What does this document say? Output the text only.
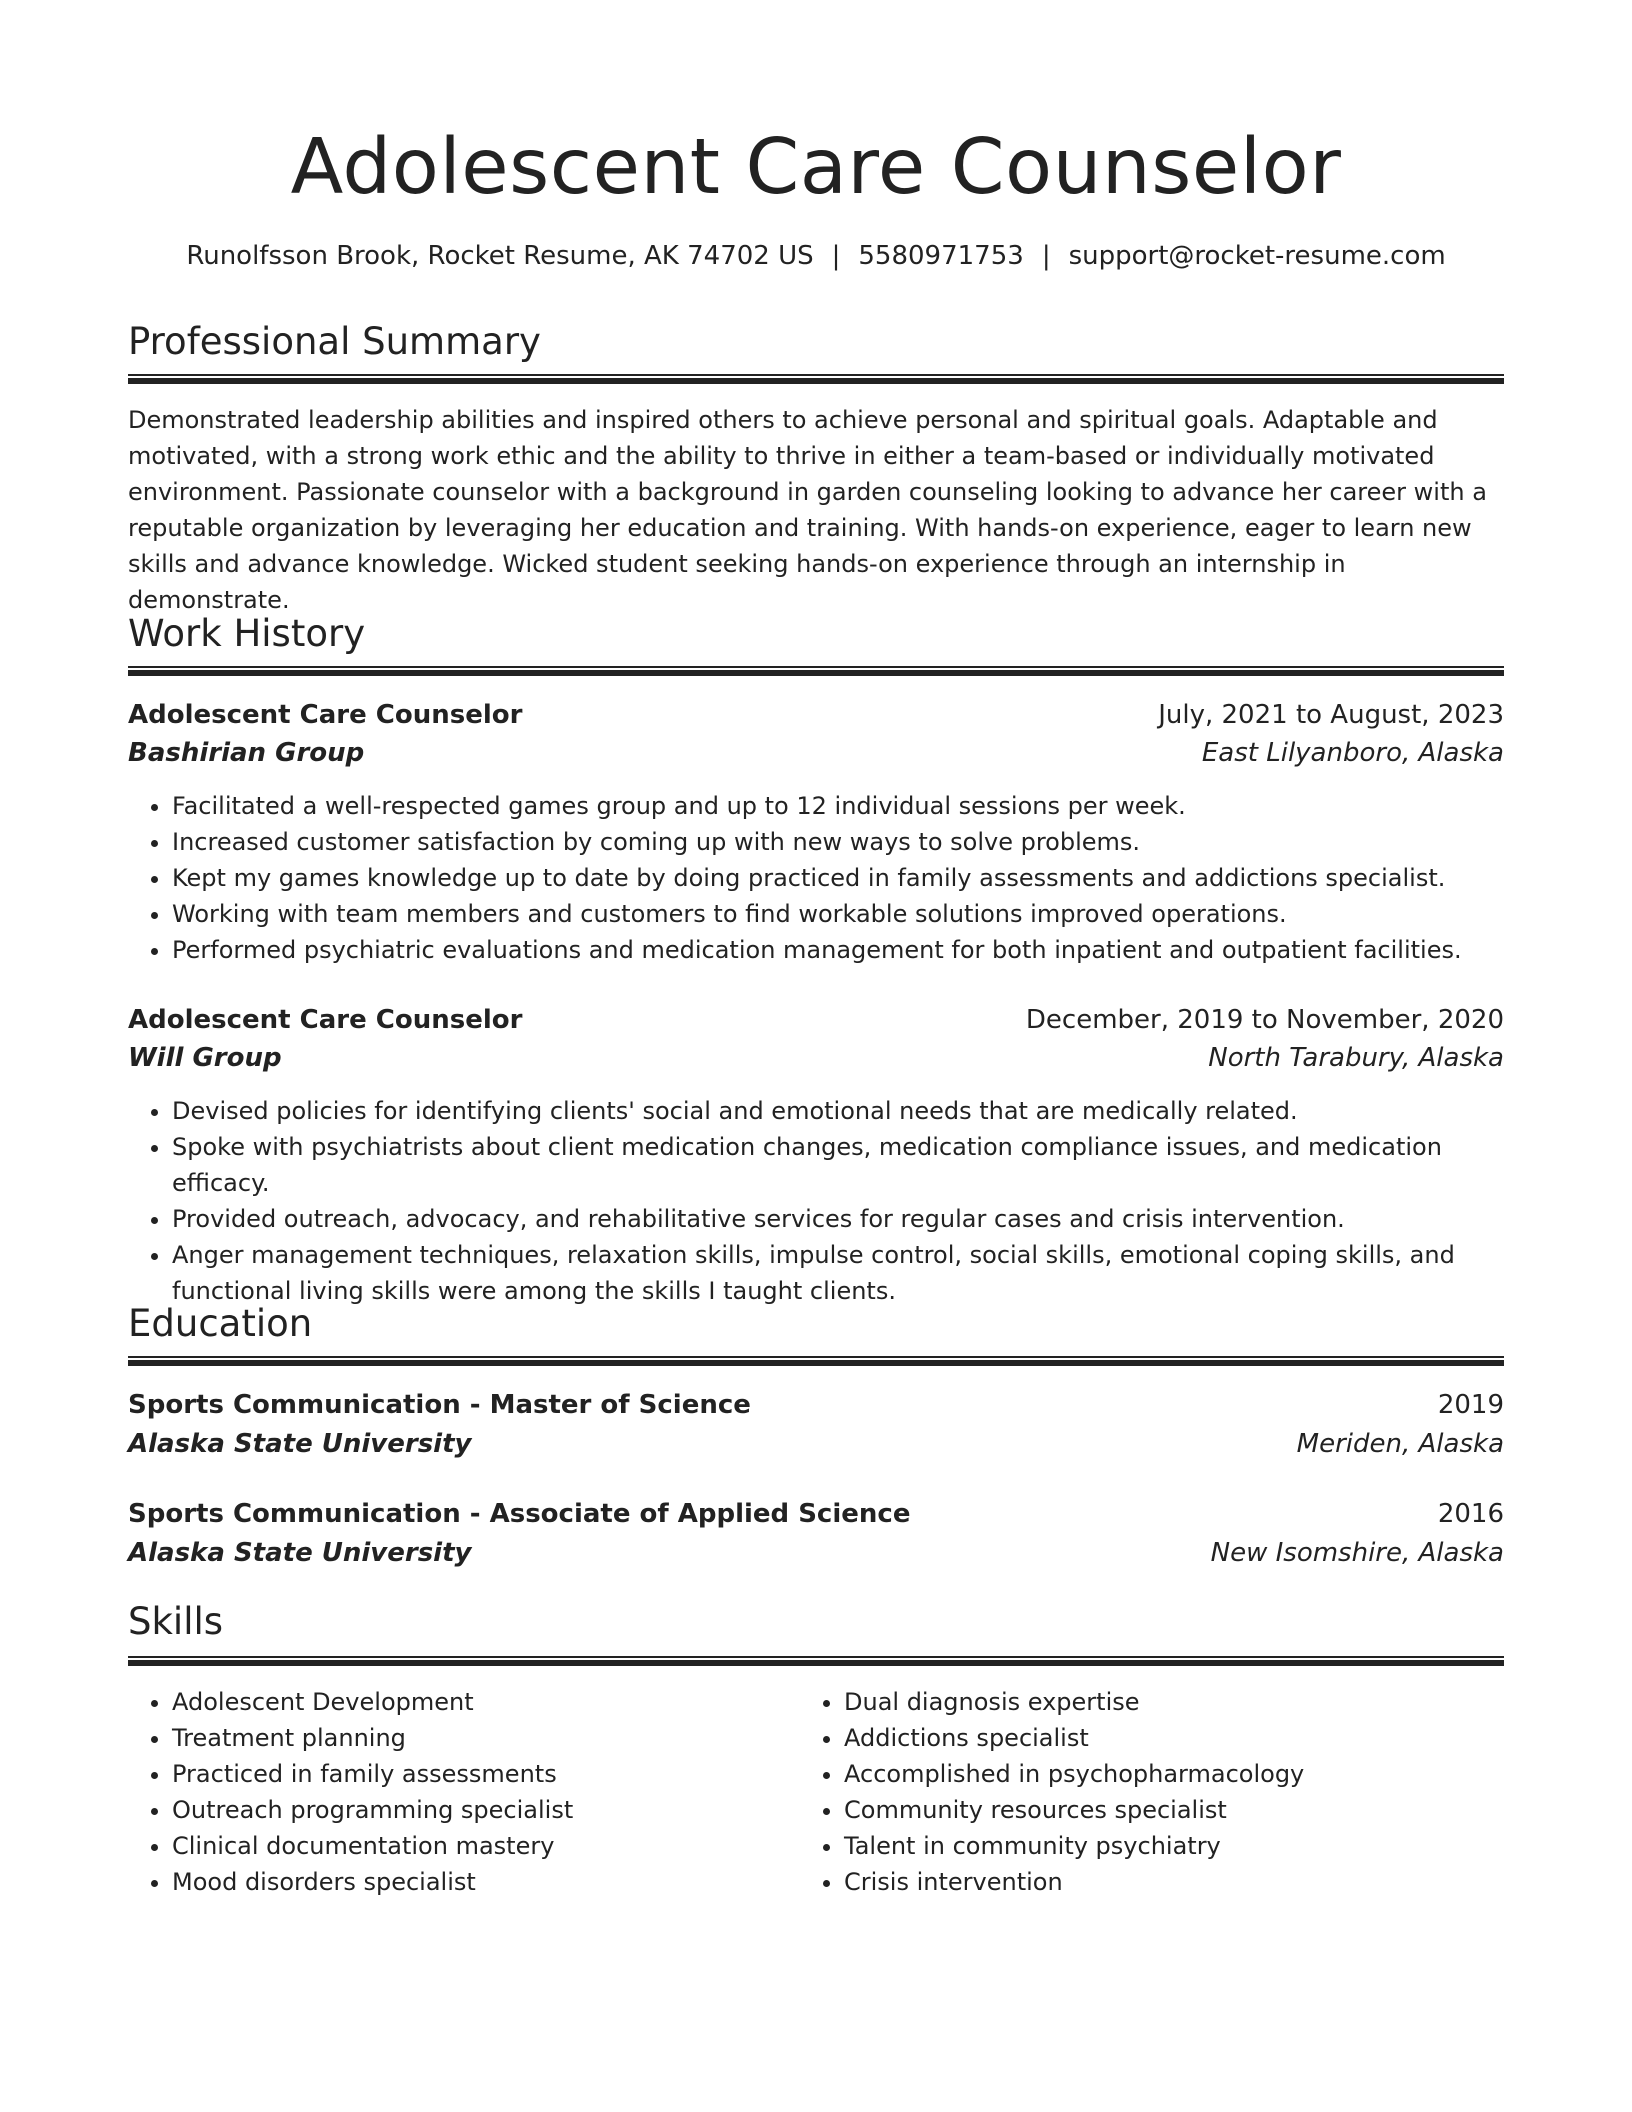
Adolescent Care Counselor
Runolfsson Brook, Rocket Resume, AK 74702 US | 5580971753 | support@rocket-resume.com
Professional Summary

Demonstrated leadership abilities and inspired others to achieve personal and spiritual goals. Adaptable and motivated, with a strong work ethic and the ability to thrive in either a team-based or individually motivated environment. Passionate counselor with a background in garden counseling looking to advance her career with a reputable organization by leveraging her education and training. With hands-on experience, eager to learn new skills and advance knowledge. Wicked student seeking hands-on experience through an internship in demonstrate.

Work History
Adolescent Care Counselor	July, 2021 to August, 2023
Bashirian Group	East Lilyanboro, Alaska
• Facilitated a well-respected games group and up to 12 individual sessions per week.
• Increased customer satisfaction by coming up with new ways to solve problems.
• Kept my games knowledge up to date by doing practiced in family assessments and addictions specialist.
• Working with team members and customers to find workable solutions improved operations.
• Performed psychiatric evaluations and medication management for both inpatient and outpatient facilities.
Adolescent Care Counselor	December, 2019 to November, 2020
Will Group	North Tarabury, Alaska
• Devised policies for identifying clients' social and emotional needs that are medically related.
• Spoke with psychiatrists about client medication changes, medication compliance issues, and medication efficacy.
• Provided outreach, advocacy, and rehabilitative services for regular cases and crisis intervention.
• Anger management techniques, relaxation skills, impulse control, social skills, emotional coping skills, and functional living skills were among the skills I taught clients.
Education
Sports Communication - Master of Science	2019
Alaska State University	Meriden, Alaska
Sports Communication - Associate of Applied Science	2016
Alaska State University	New Isomshire, Alaska
Skills
• Adolescent Development
• Treatment planning
• Practiced in family assessments
• Outreach programming specialist
• Clinical documentation mastery
• Mood disorders specialist
• Dual diagnosis expertise
• Addictions specialist
• Accomplished in psychopharmacology
• Community resources specialist
• Talent in community psychiatry
• Crisis intervention
